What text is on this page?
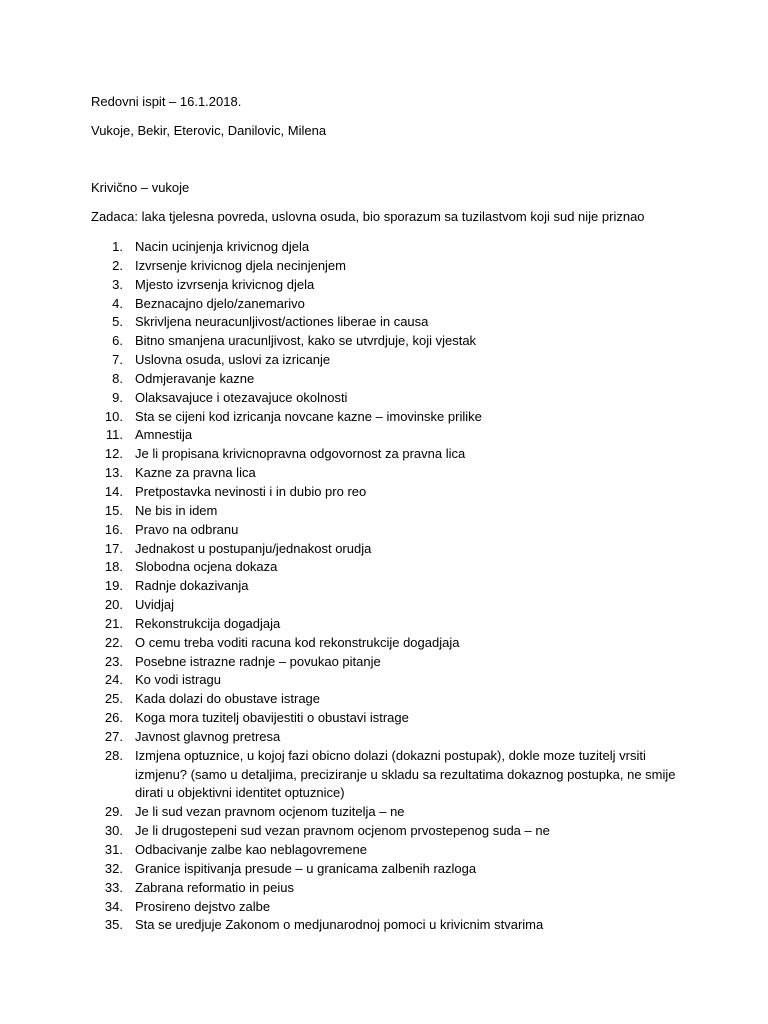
Redovni ispit – 16.1.2018.
Vukoje, Bekir, Eterovic, Danilovic, Milena
Krivično – vukoje
Zadaca: laka tjelesna povreda, uslovna osuda, bio sporazum sa tuzilastvom koji sud nije priznao
1. Nacin ucinjenja krivicnog djela
2. Izvrsenje krivicnog djela necinjenjem
3. Mjesto izvrsenja krivicnog djela
4. Beznacajno djelo/zanemarivo
5. Skrivljena neuracunljivost/actiones liberae in causa
6. Bitno smanjena uracunljivost, kako se utvrdjuje, koji vjestak
7. Uslovna osuda, uslovi za izricanje
8. Odmjeravanje kazne
9. Olaksavajuce i otezavajuce okolnosti
10. Sta se cijeni kod izricanja novcane kazne – imovinske prilike
11. Amnestija
12. Je li propisana krivicnopravna odgovornost za pravna lica
13. Kazne za pravna lica
14. Pretpostavka nevinosti i in dubio pro reo
15. Ne bis in idem
16. Pravo na odbranu
17. Jednakost u postupanju/jednakost orudja
18. Slobodna ocjena dokaza
19. Radnje dokazivanja
20. Uvidjaj
21. Rekonstrukcija dogadjaja
22. O cemu treba voditi racuna kod rekonstrukcije dogadjaja
23. Posebne istrazne radnje – povukao pitanje
24. Ko vodi istragu
25. Kada dolazi do obustave istrage
26. Koga mora tuzitelj obavijestiti o obustavi istrage
27. Javnost glavnog pretresa
28. Izmjena optuznice, u kojoj fazi obicno dolazi (dokazni postupak), dokle moze tuzitelj vrsiti
izmjenu? (samo u detaljima, preciziranje u skladu sa rezultatima dokaznog postupka, ne smije
dirati u objektivni identitet optuznice)
29. Je li sud vezan pravnom ocjenom tuzitelja – ne
30. Je li drugostepeni sud vezan pravnom ocjenom prvostepenog suda – ne
31. Odbacivanje zalbe kao neblagovremene
32. Granice ispitivanja presude – u granicama zalbenih razloga
33. Zabrana reformatio in peius
34. Prosireno dejstvo zalbe
35. Sta se uredjuje Zakonom o medjunarodnoj pomoci u krivicnim stvarima
